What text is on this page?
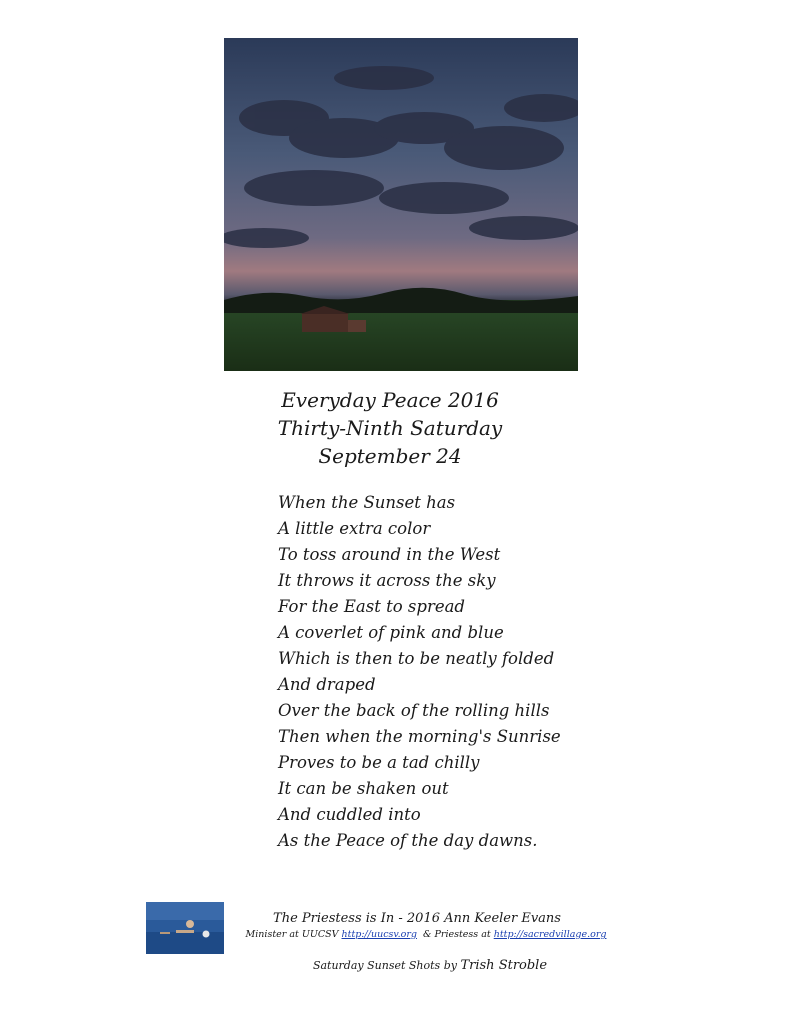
Everyday Peace 2016
Thirty-Ninth Saturday
September 24
When the Sunset has
A little extra color
To toss around in the West
It throws it across the sky
For the East to spread
A coverlet of pink and blue
Which is then to be neatly folded
And draped
Over the back of the rolling hills
Then when the morning's Sunrise
Proves to be a tad chilly
It can be shaken out
And cuddled into
As the Peace of the day dawns.
The Priestess is In - 2016 Ann Keeler Evans
Minister at UUCSV http://uucsv.org  & Priestess at http://sacredvillage.org
Saturday Sunset Shots by Trish Stroble
